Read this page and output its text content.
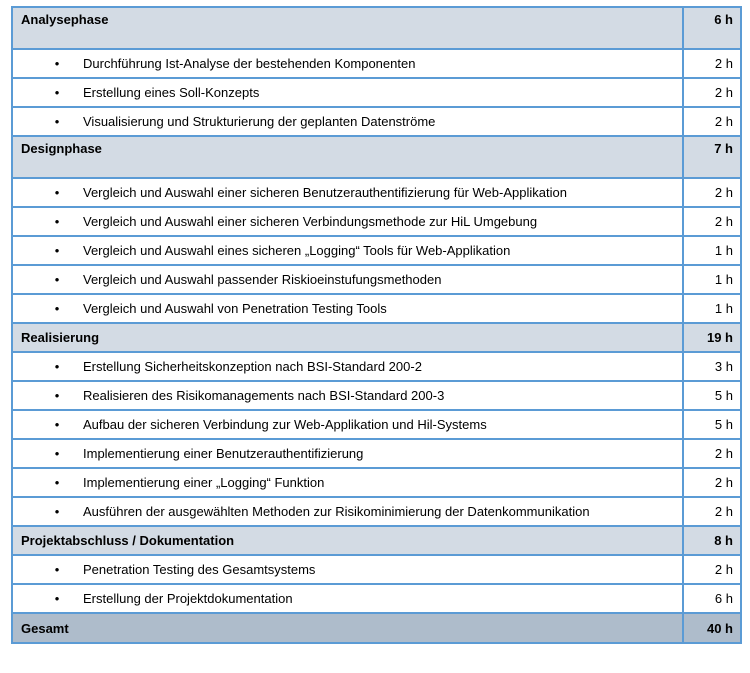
Analysephase	6 h
• Durchführung Ist-Analyse der bestehenden Komponenten	2 h
• Erstellung eines Soll-Konzepts	2 h
• Visualisierung und Strukturierung der geplanten Datenströme	2 h
Designphase	7 h
• Vergleich und Auswahl einer sicheren Benutzerauthentifizierung für Web-Applikation	2 h
• Vergleich und Auswahl einer sicheren Verbindungsmethode zur HiL Umgebung	2 h
• Vergleich und Auswahl eines sicheren „Logging“ Tools für Web-Applikation	1 h
• Vergleich und Auswahl passender Riskioeinstufungsmethoden	1 h
• Vergleich und Auswahl von Penetration Testing Tools	1 h
Realisierung	19 h
• Erstellung Sicherheitskonzeption nach BSI-Standard 200-2	3 h
• Realisieren des Risikomanagements nach BSI-Standard 200-3	5 h
• Aufbau der sicheren Verbindung zur Web-Applikation und Hil-Systems	5 h
• Implementierung einer Benutzerauthentifizierung	2 h
• Implementierung einer „Logging“ Funktion	2 h
• Ausführen der ausgewählten Methoden zur Risikominimierung der Datenkommunikation	2 h
Projektabschluss / Dokumentation	8 h
• Penetration Testing des Gesamtsystems	2 h
• Erstellung der Projektdokumentation	6 h
Gesamt	40 h
